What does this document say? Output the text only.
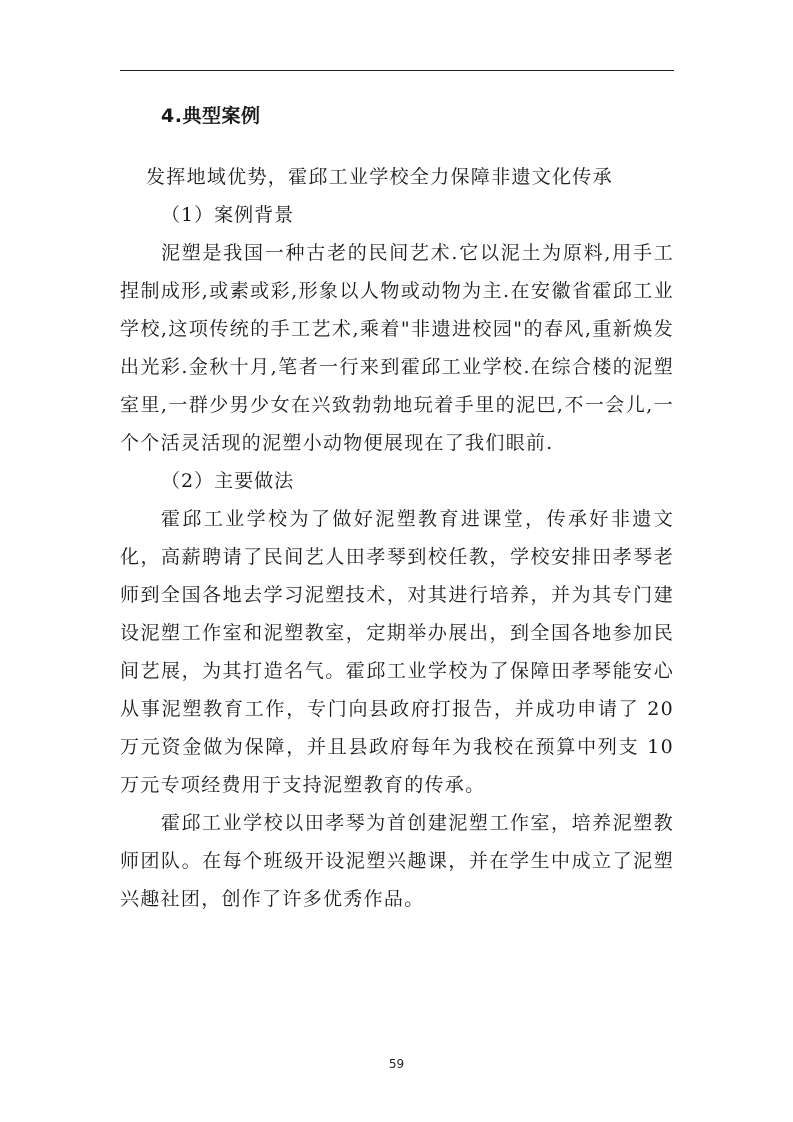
4.典型案例

发挥地域优势，霍邱工业学校全力保障非遗文化传承

（1）案例背景

泥塑是我国一种古老的民间艺术.它以泥土为原料,用手工捏制成形,或素或彩,形象以人物或动物为主.在安徽省霍邱工业学校,这项传统的手工艺术,乘着"非遗进校园"的春风,重新焕发出光彩.金秋十月,笔者一行来到霍邱工业学校.在综合楼的泥塑室里,一群少男少女在兴致勃勃地玩着手里的泥巴,不一会儿,一个个活灵活现的泥塑小动物便展现在了我们眼前.

（2）主要做法

霍邱工业学校为了做好泥塑教育进课堂，传承好非遗文化，高薪聘请了民间艺人田孝琴到校任教，学校安排田孝琴老师到全国各地去学习泥塑技术，对其进行培养，并为其专门建设泥塑工作室和泥塑教室，定期举办展出，到全国各地参加民间艺展，为其打造名气。霍邱工业学校为了保障田孝琴能安心从事泥塑教育工作，专门向县政府打报告，并成功申请了 20 万元资金做为保障，并且县政府每年为我校在预算中列支 10 万元专项经费用于支持泥塑教育的传承。

霍邱工业学校以田孝琴为首创建泥塑工作室，培养泥塑教师团队。在每个班级开设泥塑兴趣课，并在学生中成立了泥塑兴趣社团，创作了许多优秀作品。

59
